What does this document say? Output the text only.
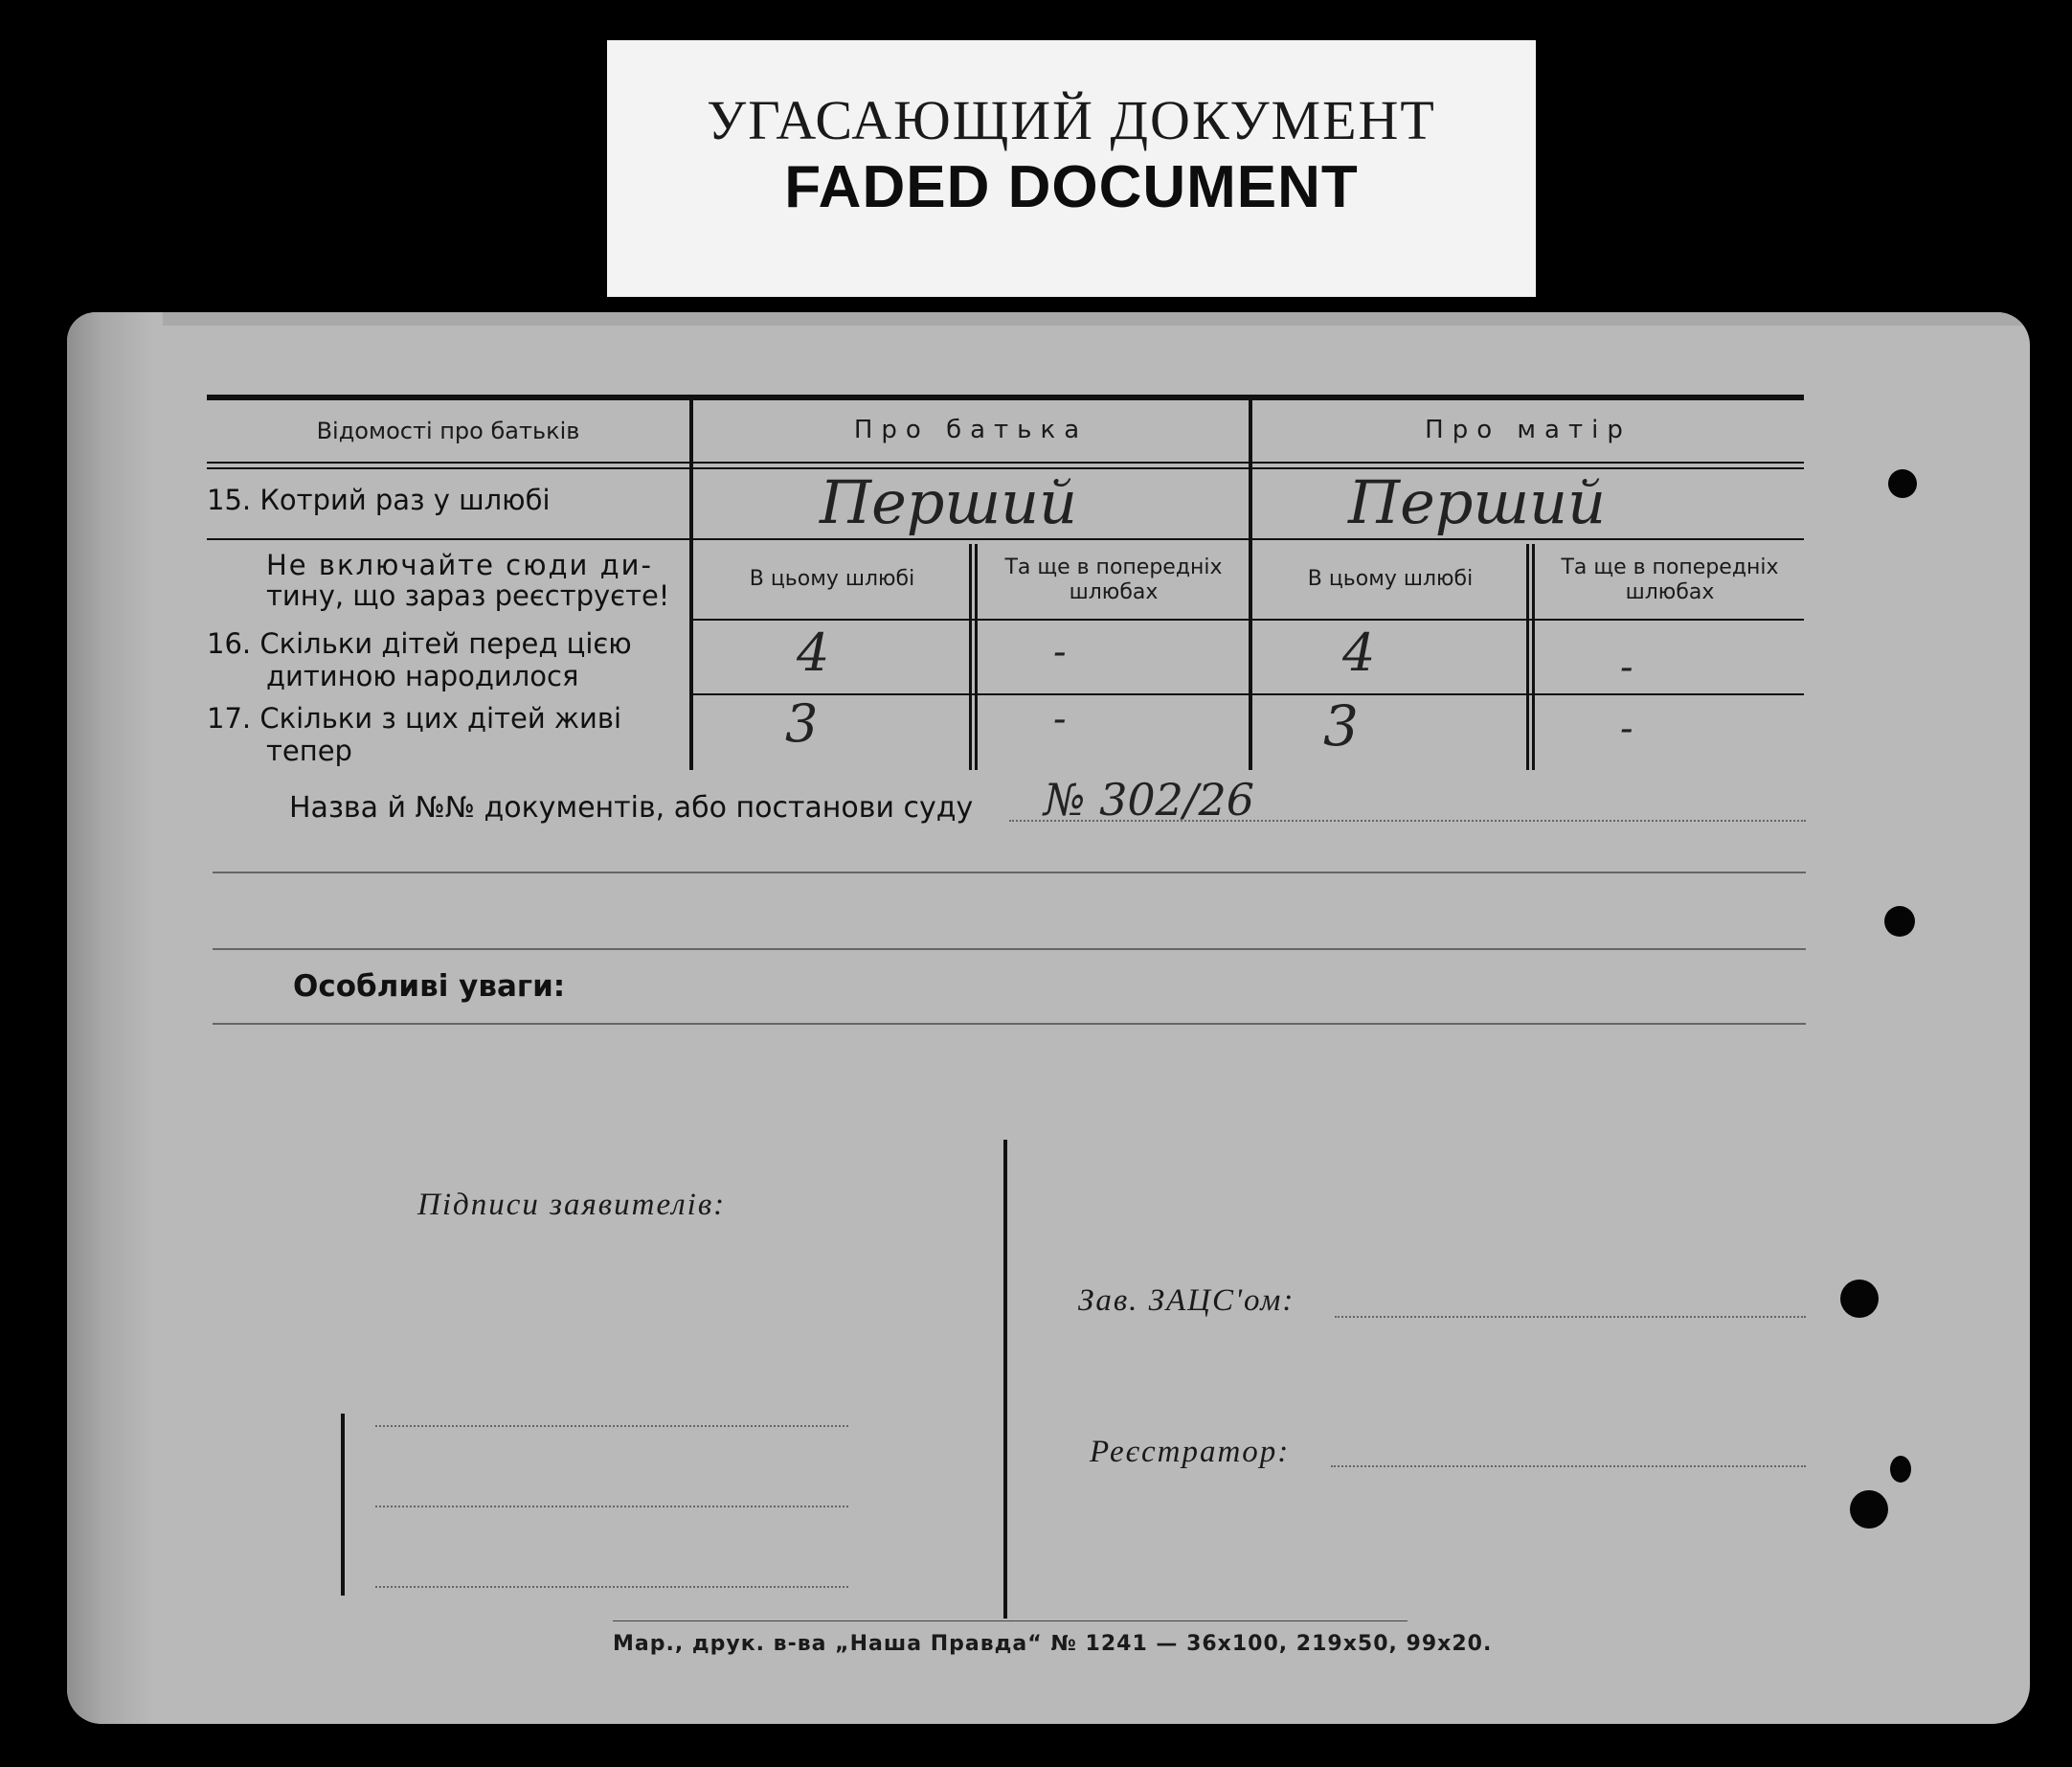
УГАСАЮЩИЙ ДОКУМЕНТ
FADED DOCUMENT
Відомості про батьків	Про батька	Про матір
15. Котрий раз у шлюбі	Перший	Перший
Не включайте сюди ди-
тину, що зараз реєструєте!
В цьому шлюбі	Та ще в попередніх
шлюбах
В цьому шлюбі	Та ще в попередніх
шлюбах
16. Скільки дітей перед цією
дитиною народилося	4	-	4	-
17. Скільки з цих дітей живі
тепер	3	-	3	-
Назва й №№ документів, або постанови суду № 302/26
Особливі уваги:
Підписи заявителів:
Зав. ЗАЦС'ом:
Реєстратор:
Мар., друк. в-ва „Наша Правда“ № 1241 — 36х100, 219х50, 99х20.
